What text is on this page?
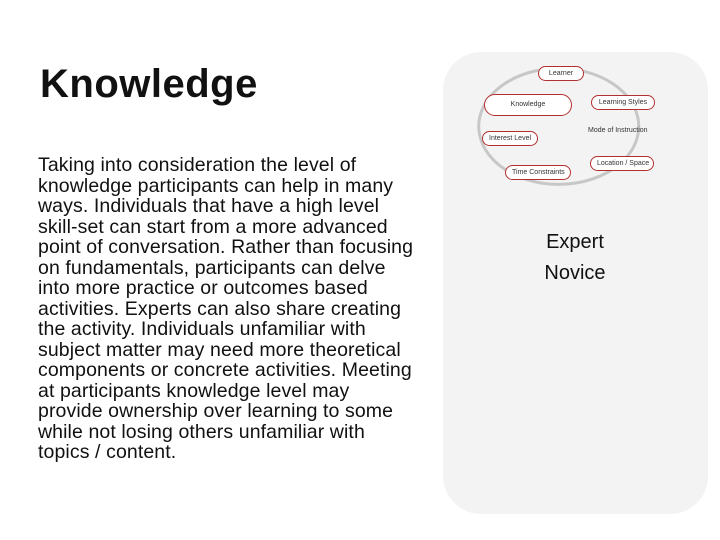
Knowledge

Taking into consideration the level of knowledge participants can help in many ways. Individuals that have a high level skill-set can start from a more advanced point of conversation. Rather than focusing on fundamentals, participants can delve into more practice or outcomes based activities. Experts can also share creating the activity. Individuals unfamiliar with subject matter may need more theoretical components or concrete activities. Meeting at participants knowledge level may provide ownership over learning to some while not losing others unfamiliar with topics / content.

Learner
Learning Styles
Knowledge
Mode of Instruction
Interest Level
Location / Space
Time Constraints

Expert

Novice
